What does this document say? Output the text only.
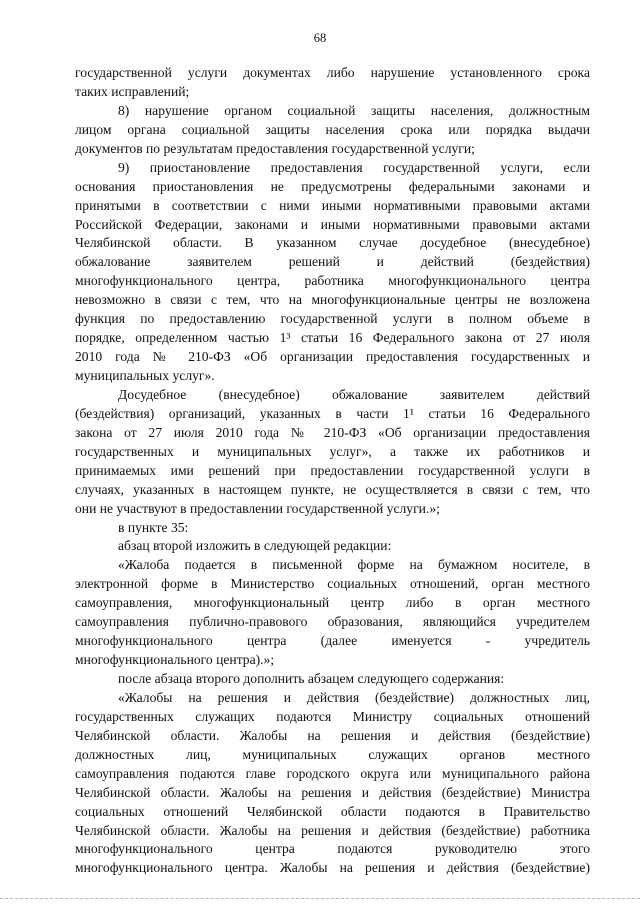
68
государственной услуги документах либо нарушение установленного срока
таких исправлений;
8) нарушение органом социальной защиты населения, должностным
лицом органа социальной защиты населения срока или порядка выдачи
документов по результатам предоставления государственной услуги;
9) приостановление предоставления государственной услуги, если
основания приостановления не предусмотрены федеральными законами и
принятыми в соответствии с ними иными нормативными правовыми актами
Российской Федерации, законами и иными нормативными правовыми актами
Челябинской области. В указанном случае досудебное (внесудебное)
обжалование заявителем решений и действий (бездействия)
многофункционального центра, работника многофункционального центра
невозможно в связи с тем, что на многофункциональные центры не возложена
функция по предоставлению государственной услуги в полном объеме в
порядке, определенном частью 1³ статьи 16 Федерального закона от 27 июля
2010 года № 210-ФЗ «Об организации предоставления государственных и
муниципальных услуг».
Досудебное (внесудебное) обжалование заявителем действий
(бездействия) организаций, указанных в части 1¹ статьи 16 Федерального
закона от 27 июля 2010 года № 210-ФЗ «Об организации предоставления
государственных и муниципальных услуг», а также их работников и
принимаемых ими решений при предоставлении государственной услуги в
случаях, указанных в настоящем пункте, не осуществляется в связи с тем, что
они не участвуют в предоставлении государственной услуги.»;
в пункте 35:
абзац второй изложить в следующей редакции:
«Жалоба подается в письменной форме на бумажном носителе, в
электронной форме в Министерство социальных отношений, орган местного
самоуправления, многофункциональный центр либо в орган местного
самоуправления публично-правового образования, являющийся учредителем
многофункционального центра (далее именуется - учредитель
многофункционального центра).»;
после абзаца второго дополнить абзацем следующего содержания:
«Жалобы на решения и действия (бездействие) должностных лиц,
государственных служащих подаются Министру социальных отношений
Челябинской области. Жалобы на решения и действия (бездействие)
должностных лиц, муниципальных служащих органов местного
самоуправления подаются главе городского округа или муниципального района
Челябинской области. Жалобы на решения и действия (бездействие) Министра
социальных отношений Челябинской области подаются в Правительство
Челябинской области. Жалобы на решения и действия (бездействие) работника
многофункционального центра подаются руководителю этого
многофункционального центра. Жалобы на решения и действия (бездействие)
